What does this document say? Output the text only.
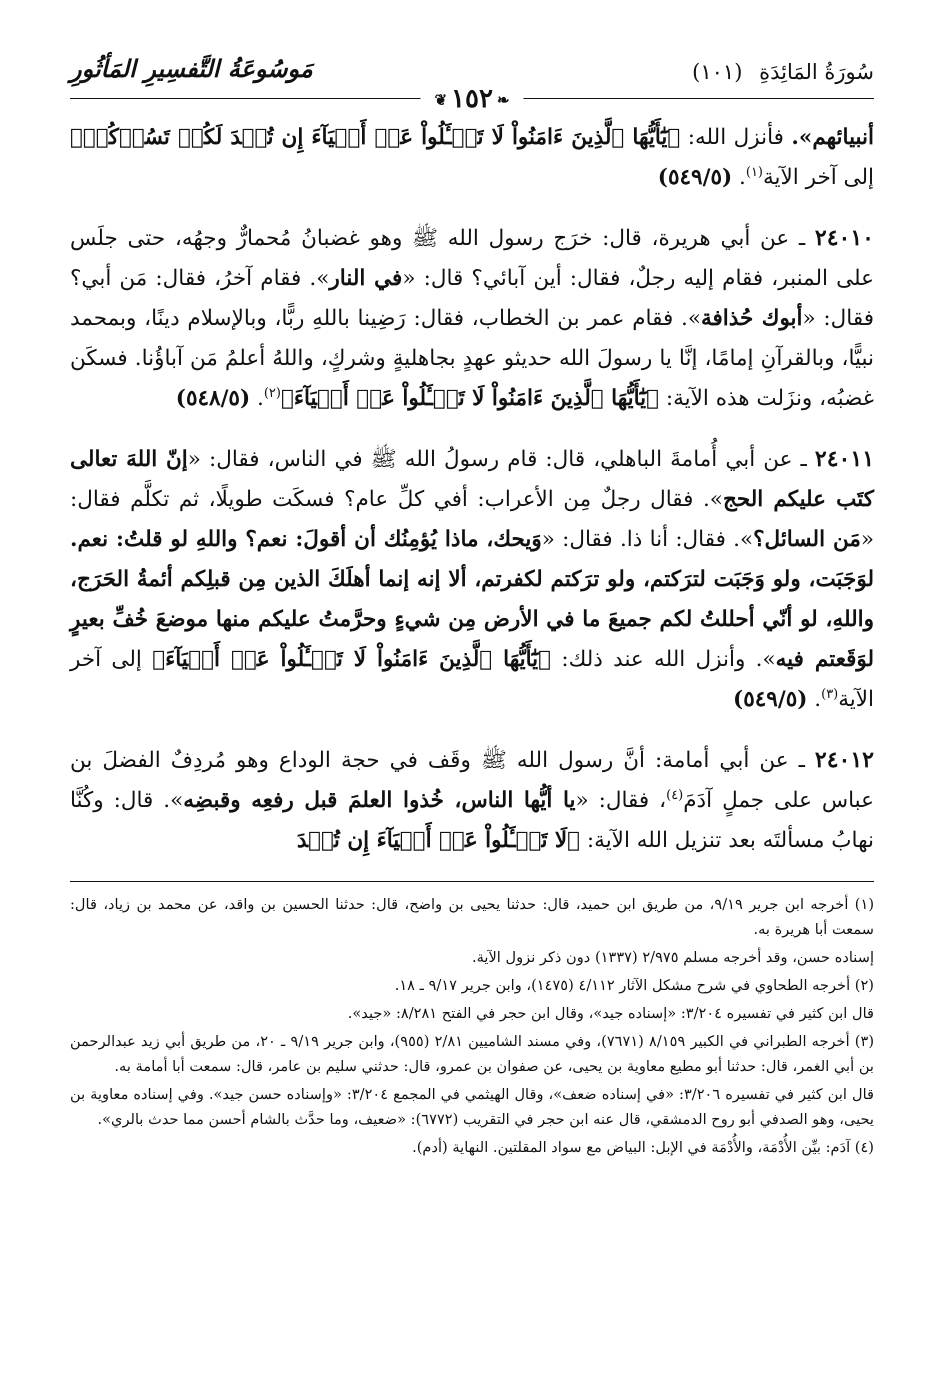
سُورَةُ المَائِدَةِ (١٠١)
❦ ١٥٢ ❧
مَوسُوعَةُ التَّفسِيرِ المَأثُورِ

أنبيائهم». فأنزل الله: ﴿يَٰٓأَيُّهَا ٱلَّذِينَ ءَامَنُواْ لَا تَسۡـَٔلُواْ عَنۡ أَشۡيَآءَ إِن تُبۡدَ لَكُمۡ تَسُؤۡكُمۡ﴾ إلى آخر الآية$^{(١)}$. (٥٤٩/٥)

٢٤٠١٠ ـ عن أبي هريرة، قال: خرَج رسول الله ﷺ وهو غضبانُ مُحمارٌّ وجهُه، حتى جلَس على المنبر، فقام إليه رجلٌ، فقال: أين آبائي؟ قال: «في النار». فقام آخرُ، فقال: مَن أبي؟ فقال: «أبوك حُذافة». فقام عمر بن الخطاب، فقال: رَضِينا باللهِ ربًّا، وبالإسلام دينًا، وبمحمد نبيًّا، وبالقرآنِ إمامًا، إنَّا يا رسولَ الله حديثو عهدٍ بجاهليةٍ وشركٍ، واللهُ أعلمُ مَن آباؤُنا. فسكَن غضبُه، ونزَلت هذه الآية: ﴿يَٰٓأَيُّهَا ٱلَّذِينَ ءَامَنُواْ لَا تَسۡـَٔلُواْ عَنۡ أَشۡيَآءَ﴾$^{(٢)}$. (٥٤٨/٥)

٢٤٠١١ ـ عن أبي أُمامةَ الباهلي، قال: قام رسولُ الله ﷺ في الناس، فقال: «إنّ اللهَ تعالى كتَب عليكم الحج». فقال رجلٌ مِن الأعراب: أفي كلِّ عام؟ فسكَت طويلًا، ثم تكلَّم فقال: «مَن السائل؟». فقال: أنا ذا. فقال: «وَيحك، ماذا يُؤمِنُك أن أقولَ: نعم؟ واللهِ لو قلتُ: نعم. لوَجَبَت، ولو وَجَبَت لترَكتم، ولو ترَكتم لكفرتم، ألا إنه إنما أهلَكَ الذين مِن قبلِكم أئمةُ الحَرَج، واللهِ، لو أنّي أحللتُ لكم جميعَ ما في الأرض مِن شيءٍ وحرَّمتُ عليكم منها موضعَ خُفِّ بعيرٍ لوَقَعتم فيه». وأنزل الله عند ذلك: ﴿يَٰٓأَيُّهَا ٱلَّذِينَ ءَامَنُواْ لَا تَسۡـَٔلُواْ عَنۡ أَشۡيَآءَ﴾ إلى آخر الآية$^{(٣)}$. (٥٤٩/٥)

٢٤٠١٢ ـ عن أبي أمامة: أنَّ رسول الله ﷺ وقَف في حجة الوداع وهو مُردِفٌ الفضلَ بن عباس على جملٍ آدَمَ$^{(٤)}$، فقال: «يا أيُّها الناس، خُذوا العلمَ قبل رفعِه وقبضِه». قال: وكُنَّا نهابُ مسألتَه بعد تنزيل الله الآية: ﴿لَا تَسۡـَٔلُواْ عَنۡ أَشۡيَآءَ إِن تُبۡدَ

(١) أخرجه ابن جرير ٩/١٩، من طريق ابن حميد، قال: حدثنا يحيى بن واضح، قال: حدثنا الحسين بن واقد، عن محمد بن زياد، قال: سمعت أبا هريرة به.

إسناده حسن، وقد أخرجه مسلم ٢/٩٧٥ (١٣٣٧) دون ذكر نزول الآية.

(٢) أخرجه الطحاوي في شرح مشكل الآثار ٤/١١٢ (١٤٧٥)، وابن جرير ٩/١٧ ـ ١٨.

قال ابن كثير في تفسيره ٣/٢٠٤: «إسناده جيد»، وقال ابن حجر في الفتح ٨/٢٨١: «جيد».

(٣) أخرجه الطبراني في الكبير ٨/١٥٩ (٧٦٧١)، وفي مسند الشاميين ٢/٨١ (٩٥٥)، وابن جرير ٩/١٩ ـ ٢٠، من طريق أبي زيد عبدالرحمن بن أبي الغمر، قال: حدثنا أبو مطيع معاوية بن يحيى، عن صفوان بن عمرو، قال: حدثني سليم بن عامر، قال: سمعت أبا أمامة به.

قال ابن كثير في تفسيره ٣/٢٠٦: «في إسناده ضعف»، وقال الهيثمي في المجمع ٣/٢٠٤: «وإسناده حسن جيد». وفي إسناده معاوية بن يحيى، وهو الصدفي أبو روح الدمشقي، قال عنه ابن حجر في التقريب (٦٧٧٢): «ضعيف، وما حدَّث بالشام أحسن مما حدث بالري».

(٤) آدَم: بيِّن الأُدْمَة، والأُدْمَة في الإبل: البياض مع سواد المقلتين. النهاية (أدم).
